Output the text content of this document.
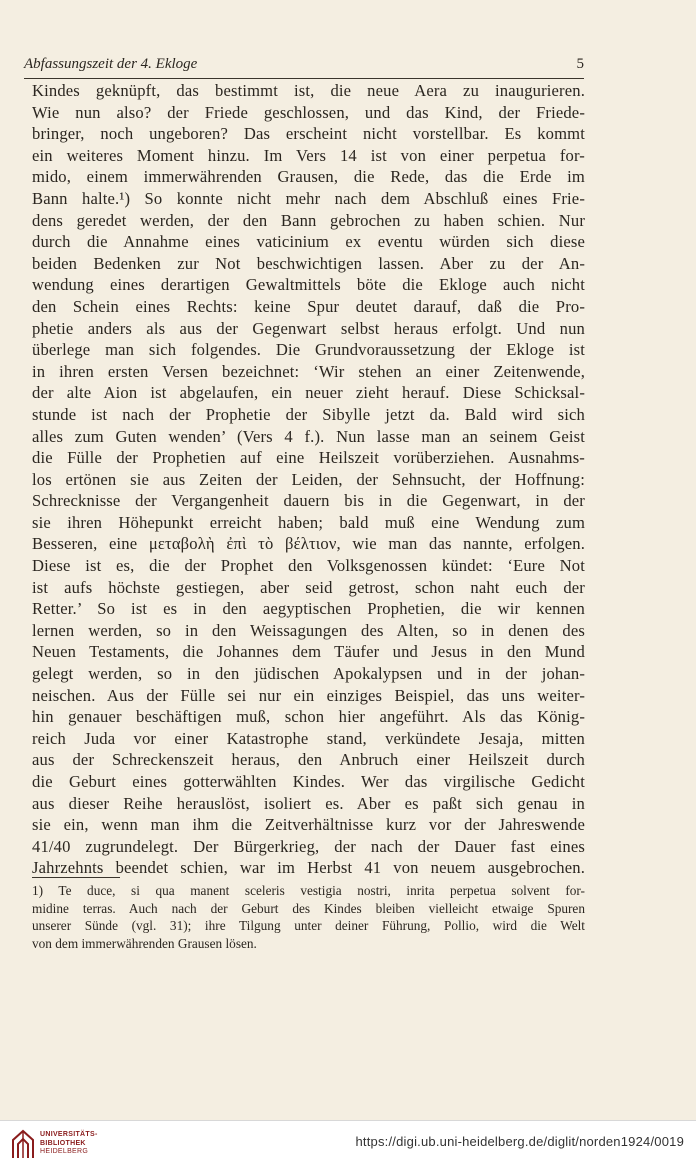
Abfassungszeit der 4. Ekloge	5
Kindes geknüpft, das bestimmt ist, die neue Aera zu inaugurieren.
Wie nun also? der Friede geschlossen, und das Kind, der Friede-
bringer, noch ungeboren? Das erscheint nicht vorstellbar. Es kommt
ein weiteres Moment hinzu. Im Vers 14 ist von einer perpetua for-
mido, einem immerwährenden Grausen, die Rede, das die Erde im
Bann halte.¹) So konnte nicht mehr nach dem Abschluß eines Frie-
dens geredet werden, der den Bann gebrochen zu haben schien. Nur
durch die Annahme eines vaticinium ex eventu würden sich diese
beiden Bedenken zur Not beschwichtigen lassen. Aber zu der An-
wendung eines derartigen Gewaltmittels böte die Ekloge auch nicht
den Schein eines Rechts: keine Spur deutet darauf, daß die Pro-
phetie anders als aus der Gegenwart selbst heraus erfolgt. Und nun
überlege man sich folgendes. Die Grundvoraussetzung der Ekloge ist
in ihren ersten Versen bezeichnet: ‘Wir stehen an einer Zeitenwende,
der alte Aion ist abgelaufen, ein neuer zieht herauf. Diese Schicksal-
stunde ist nach der Prophetie der Sibylle jetzt da. Bald wird sich
alles zum Guten wenden’ (Vers 4 f.). Nun lasse man an seinem Geist
die Fülle der Prophetien auf eine Heilszeit vorüberziehen. Ausnahms-
los ertönen sie aus Zeiten der Leiden, der Sehnsucht, der Hoffnung:
Schrecknisse der Vergangenheit dauern bis in die Gegenwart, in der
sie ihren Höhepunkt erreicht haben; bald muß eine Wendung zum
Besseren, eine μεταβολὴ ἐπὶ τὸ βέλτιον, wie man das nannte, erfolgen.
Diese ist es, die der Prophet den Volksgenossen kündet: ‘Eure Not
ist aufs höchste gestiegen, aber seid getrost, schon naht euch der
Retter.’ So ist es in den aegyptischen Prophetien, die wir kennen
lernen werden, so in den Weissagungen des Alten, so in denen des
Neuen Testaments, die Johannes dem Täufer und Jesus in den Mund
gelegt werden, so in den jüdischen Apokalypsen und in der johan-
neischen. Aus der Fülle sei nur ein einziges Beispiel, das uns weiter-
hin genauer beschäftigen muß, schon hier angeführt. Als das König-
reich Juda vor einer Katastrophe stand, verkündete Jesaja, mitten
aus der Schreckenszeit heraus, den Anbruch einer Heilszeit durch
die Geburt eines gotterwählten Kindes. Wer das virgilische Gedicht
aus dieser Reihe herauslöst, isoliert es. Aber es paßt sich genau in
sie ein, wenn man ihm die Zeitverhältnisse kurz vor der Jahreswende
41/40 zugrundelegt. Der Bürgerkrieg, der nach der Dauer fast eines
Jahrzehnts beendet schien, war im Herbst 41 von neuem ausgebrochen.
1) Te duce, si qua manent sceleris vestigia nostri, inrita perpetua solvent for-
midine terras. Auch nach der Geburt des Kindes bleiben vielleicht etwaige Spuren
unserer Sünde (vgl. 31); ihre Tilgung unter deiner Führung, Pollio, wird die Welt
von dem immerwährenden Grausen lösen.
UNIVERSITÄTS-
BIBLIOTHEK
HEIDELBERG
https://digi.ub.uni-heidelberg.de/diglit/norden1924/0019
